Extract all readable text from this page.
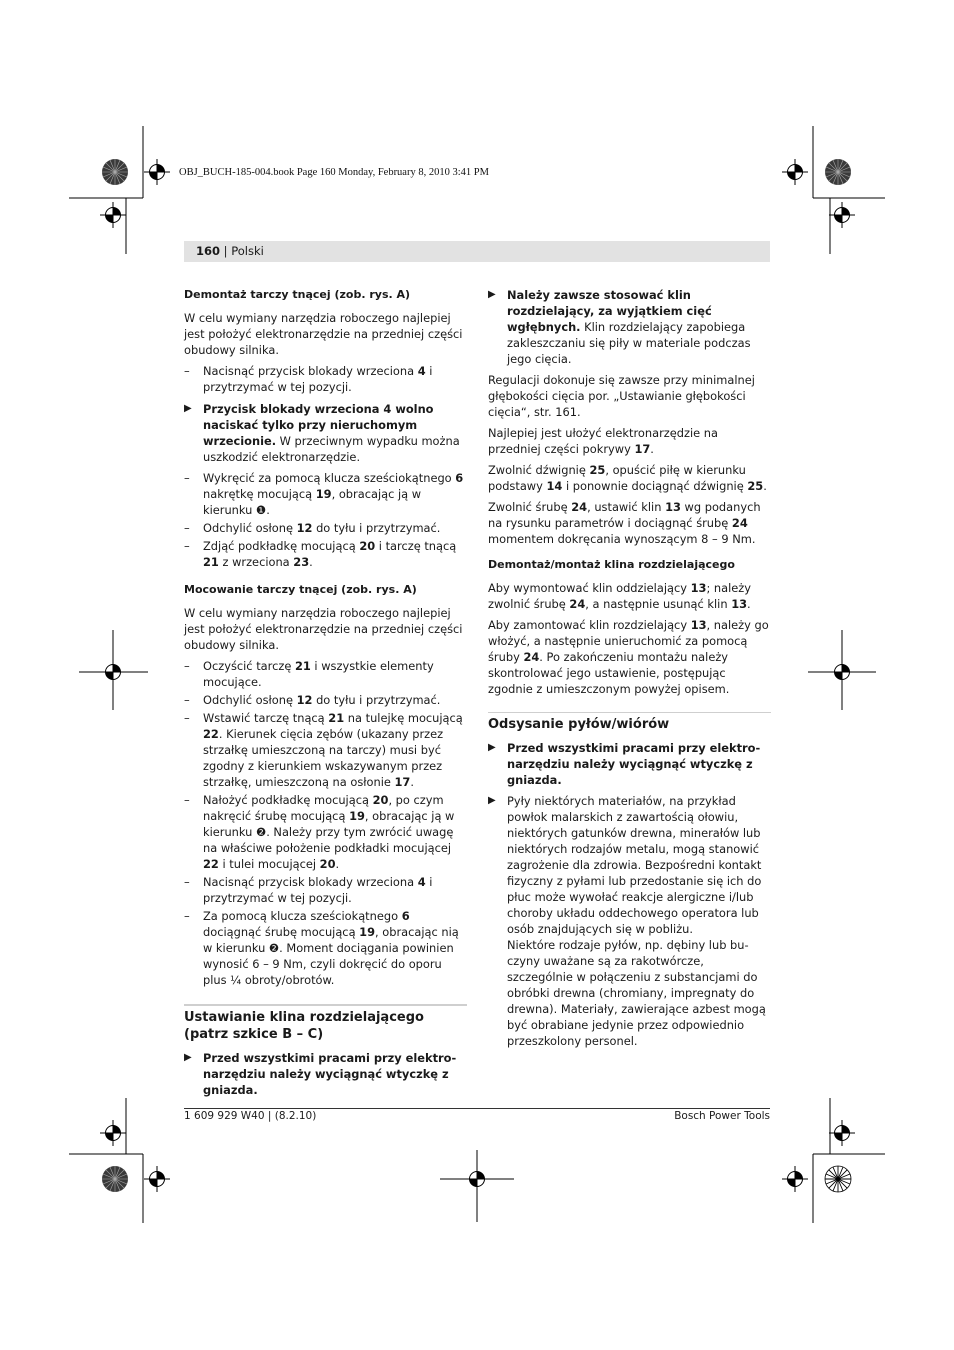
OBJ_BUCH-185-004.book Page 160 Monday, February 8, 2010 3:41 PM
160 | Polski
Demontaż tarczy tnącej (zob. rys. A)

W celu wymiany narzędzia roboczego najlepiej jest położyć elektronarzędzie na przedniej części obudowy silnika.

– Nacisnąć przycisk blokady wrzeciona 4 i przytrzymać w tej pozycji.
▶ Przycisk blokady wrzeciona 4 wolno naciskać tylko przy nieruchomym wrzecionie. W przeciwnym wypadku można uszkodzić elektronarzędzie.
– Wykręcić za pomocą klucza sześciokątnego 6 nakrętkę mocującą 19, obracając ją w kierunku ❶.
– Odchylić osłonę 12 do tyłu i przytrzymać.
– Zdjąć podkładkę mocującą 20 i tarczę tnącą 21 z wrzeciona 23.
Mocowanie tarczy tnącej (zob. rys. A)

W celu wymiany narzędzia roboczego najlepiej jest położyć elektronarzędzie na przedniej części obudowy silnika.

– Oczyścić tarczę 21 i wszystkie elementy mocujące.
– Odchylić osłonę 12 do tyłu i przytrzymać.
– Wstawić tarczę tnącą 21 na tulejkę mocującą 22. Kierunek cięcia zębów (ukazany przez strzałkę umieszczoną na tarczy) musi być zgodny z kierunkiem wskazywanym przez strzałkę, umieszczoną na osłonie 17.
– Nałożyć podkładkę mocującą 20, po czym nakręcić śrubę mocującą 19, obracając ją w kierunku ❷. Należy przy tym zwrócić uwagę na właściwe położenie podkładki mocującej 22 i tulei mocującej 20.
– Nacisnąć przycisk blokady wrzeciona 4 i przytrzymać w tej pozycji.
– Za pomocą klucza sześciokątnego 6 dociągnąć śrubę mocującą 19, obracając nią w kierunku ❷. Moment dociągania powinien wynosić 6 – 9 Nm, czyli dokręcić do oporu plus ¼ obroty/obrotów.
Ustawianie klina rozdzielającego (patrz szkice B – C)
▶ Przed wszystkimi pracami przy elektronarzędziu należy wyciągnąć wtyczkę z gniazda.
▶ Należy zawsze stosować klin rozdzielający, za wyjątkiem cięć wgłębnych. Klin rozdzielający zapobiega zakleszczaniu się piły w materiale podczas jego cięcia.

Regulacji dokonuje się zawsze przy minimalnej głębokości cięcia por. „Ustawianie głębokości cięcia“, str. 161.

Najlepiej jest ułożyć elektronarzędzie na przedniej części pokrywy 17.

Zwolnić dźwignię 25, opuścić piłę w kierunku podstawy 14 i ponownie dociągnąć dźwignię 25.

Zwolnić śrubę 24, ustawić klin 13 wg podanych na rysunku parametrów i dociągnąć śrubę 24 momentem dokręcania wynoszącym 8 – 9 Nm.

Demontaż/montaż klina rozdzielającego

Aby wymontować klin oddzielający 13; należy zwolnić śrubę 24, a następnie usunąć klin 13.

Aby zamontować klin rozdzielający 13, należy go włożyć, a następnie unieruchomić za pomocą śruby 24. Po zakończeniu montażu należy skontrolować jego ustawienie, postępując zgodnie z umieszczonym powyżej opisem.

Odsysanie pyłów/wiórów
▶ Przed wszystkimi pracami przy elektronarzędziu należy wyciągnąć wtyczkę z gniazda.
▶ Pyły niektórych materiałów, na przykład powłok malarskich z zawartością ołowiu, niektórych gatunków drewna, minerałów lub niektórych rodzajów metalu, mogą stanowić zagrożenie dla zdrowia. Bezpośredni kontakt fizyczny z pyłami lub przedostanie się ich do płuc może wywołać reakcje alergiczne i/lub choroby układu oddechowego operatora lub osób znajdujących się w pobliżu.
Niektóre rodzaje pyłów, np. dębiny lub buczyny uważane są za rakotwórcze, szczególnie w połączeniu z substancjami do obróbki drewna (chromiany, impregnaty do drewna). Materiały, zawierające azbest mogą być obrabiane jedynie przez odpowiednio przeszkolony personel.
1 609 929 W40 | (8.2.10)	Bosch Power Tools
